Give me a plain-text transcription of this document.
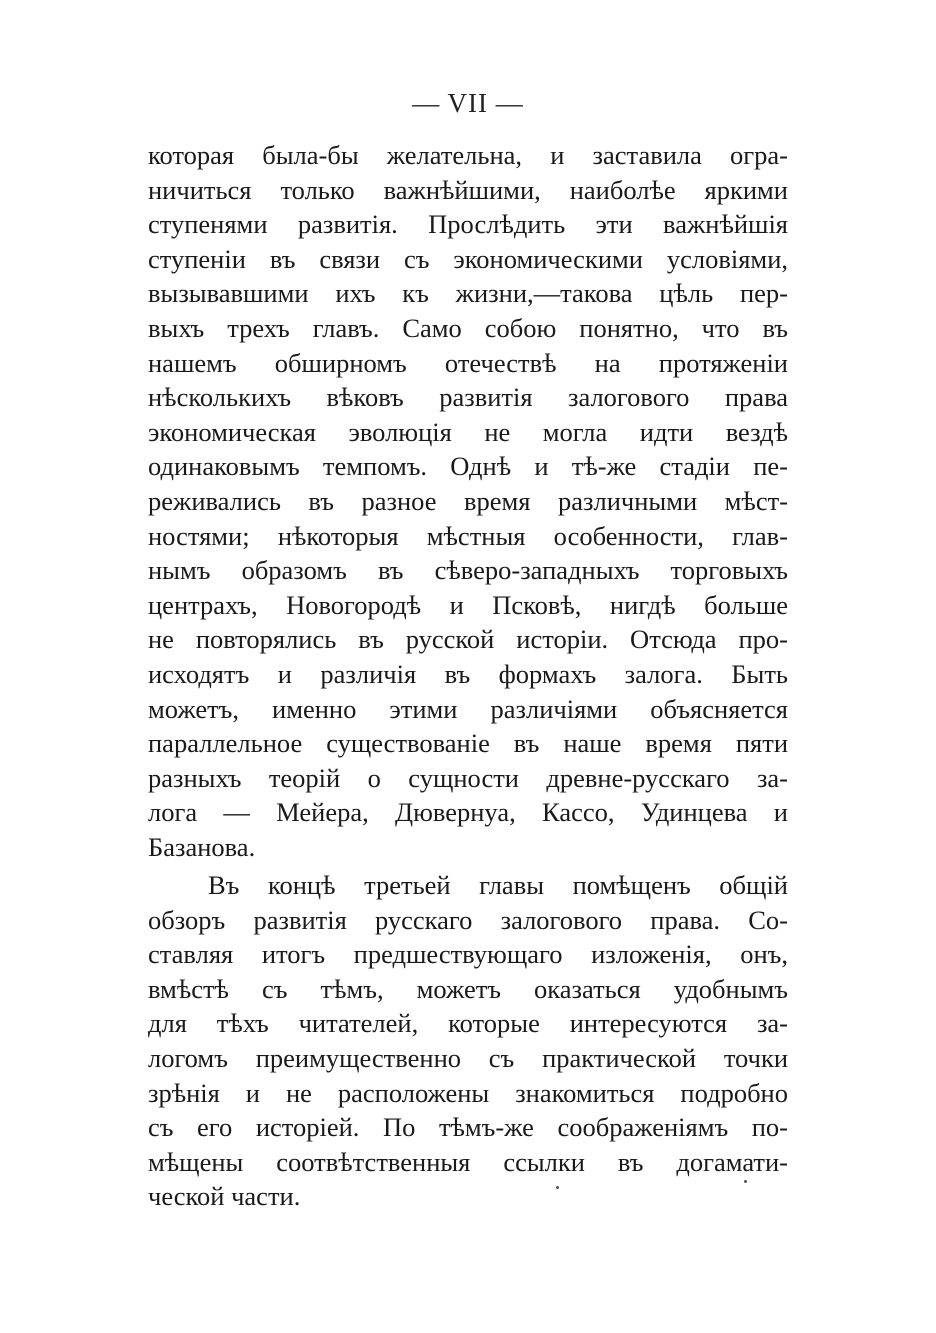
— VII —
которая была-бы желательна, и заставила огра-
ничиться только важнѣйшими, наиболѣе яркими
ступенями развитія. Прослѣдить эти важнѣйшія
ступеніи въ связи съ экономическими условіями,
вызывавшими ихъ къ жизни,—такова цѣль пер-
выхъ трехъ главъ. Само собою понятно, что въ
нашемъ обширномъ отечествѣ на протяженіи
нѣсколькихъ вѣковъ развитія залогового права
экономическая эволюція не могла идти вездѣ
одинаковымъ темпомъ. Однѣ и тѣ-же стадіи пе-
реживались въ разное время различными мѣст-
ностями; нѣкоторыя мѣстныя особенности, глав-
нымъ образомъ въ сѣверо-западныхъ торговыхъ
центрахъ, Новогородѣ и Псковѣ, нигдѣ больше
не повторялись въ русской исторіи. Отсюда про-
исходятъ и различія въ формахъ залога. Быть
можетъ, именно этими различіями объясняется
параллельное существованіе въ наше время пяти
разныхъ теорій о сущности древне-русскаго за-
лога — Мейера, Дювернуа, Кассо, Удинцева и
Базанова.
Въ концѣ третьей главы помѣщенъ общій
обзоръ развитія русскаго залогового права. Со-
ставляя итогъ предшествующаго изложенія, онъ,
вмѣстѣ съ тѣмъ, можетъ оказаться удобнымъ
для тѣхъ читателей, которые интересуются за-
логомъ преимущественно съ практической точки
зрѣнія и не расположены знакомиться подробно
съ его исторіей. По тѣмъ-же соображеніямъ по-
мѣщены соотвѣтственныя ссылки въ догамати-
ческой части.
